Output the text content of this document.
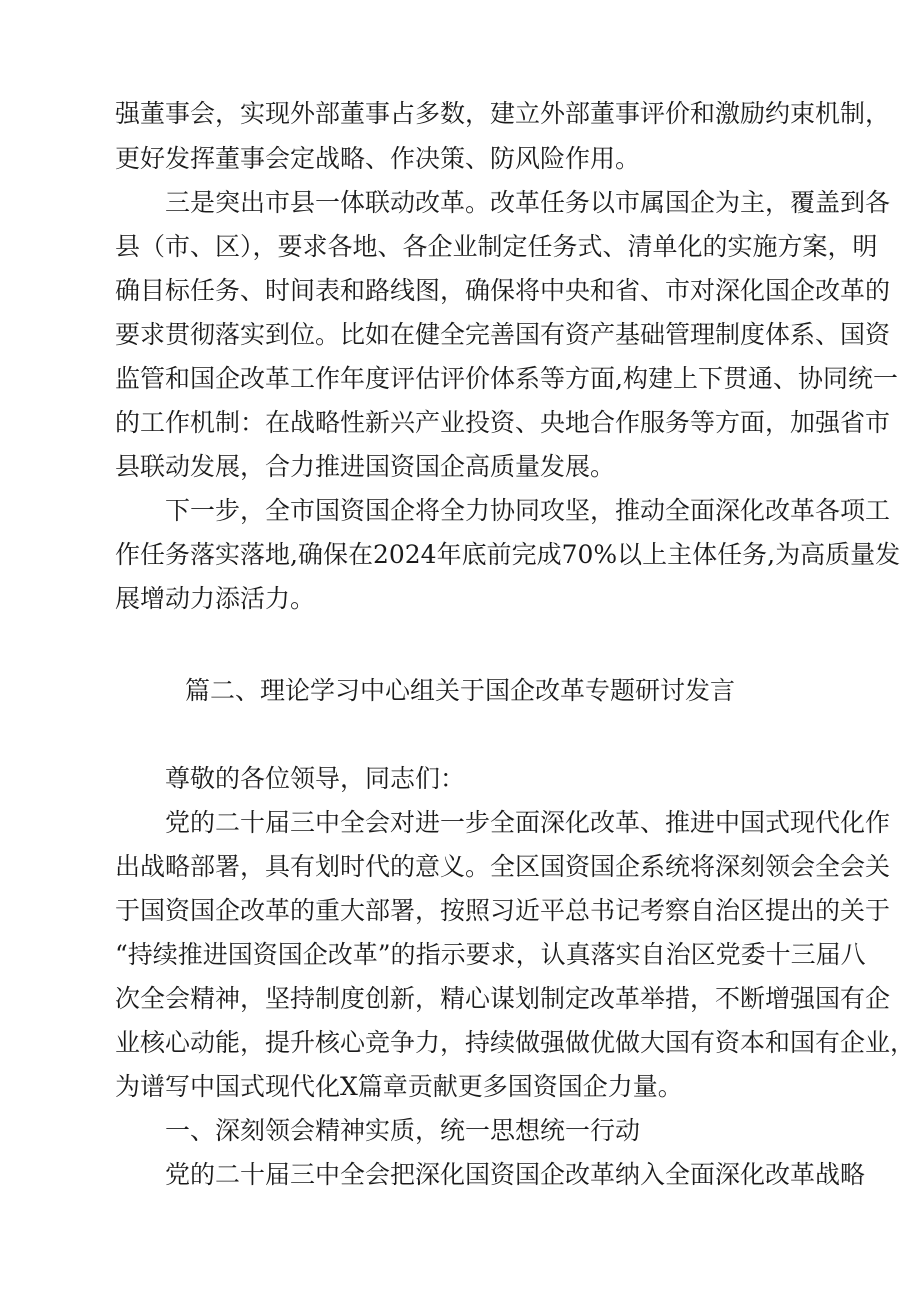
强董事会，实现外部董事占多数，建立外部董事评价和激励约束机制，
更好发挥董事会定战略、作决策、防风险作用。
三是突出市县一体联动改革。改革任务以市属国企为主，覆盖到各
县（市、区），要求各地、各企业制定任务式、清单化的实施方案，明
确目标任务、时间表和路线图，确保将中央和省、市对深化国企改革的
要求贯彻落实到位。比如在健全完善国有资产基础管理制度体系、国资
监管和国企改革工作年度评估评价体系等方面,构建上下贯通、协同统一
的工作机制：在战略性新兴产业投资、央地合作服务等方面，加强省市
县联动发展，合力推进国资国企高质量发展。
下一步，全市国资国企将全力协同攻坚，推动全面深化改革各项工
作任务落实落地,确保在2024年底前完成70%以上主体任务,为高质量发
展增动力添活力。
篇二、理论学习中心组关于国企改革专题研讨发言
尊敬的各位领导，同志们：
党的二十届三中全会对进一步全面深化改革、推进中国式现代化作
出战略部署，具有划时代的意义。全区国资国企系统将深刻领会全会关
于国资国企改革的重大部署，按照习近平总书记考察自治区提出的关于
“持续推进国资国企改革”的指示要求，认真落实自治区党委十三届八
次全会精神，坚持制度创新，精心谋划制定改革举措，不断增强国有企
业核心动能，提升核心竞争力，持续做强做优做大国有资本和国有企业，
为谱写中国式现代化X篇章贡献更多国资国企力量。
一、深刻领会精神实质，统一思想统一行动
党的二十届三中全会把深化国资国企改革纳入全面深化改革战略
